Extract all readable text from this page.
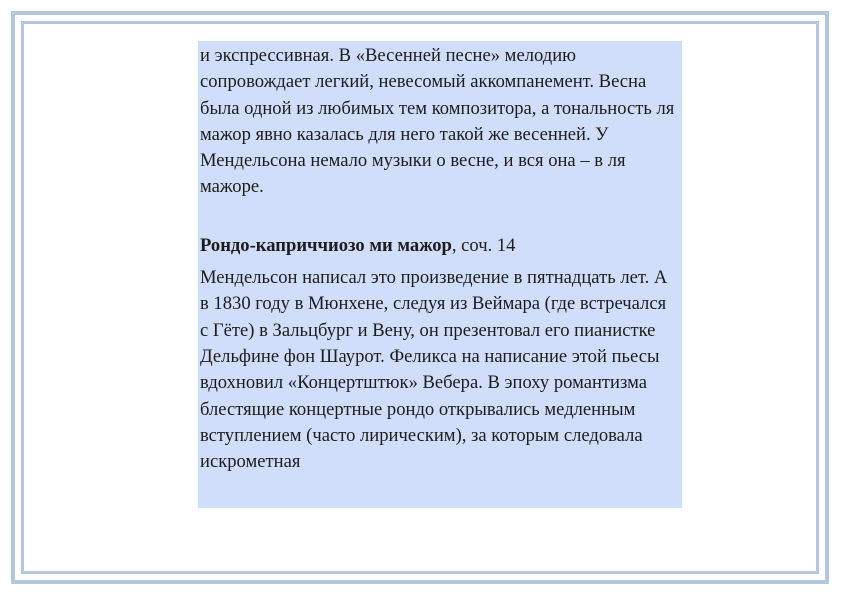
и экспрессивная. В «Весенней песне» мелодию сопровождает легкий, невесомый аккомпанемент. Весна была одной из любимых тем композитора, а тональность ля мажор явно казалась для него такой же весенней. У Мендельсона немало музыки о весне, и вся она – в ля мажоре.

Рондо-каприччиозо ми мажор, соч. 14

Мендельсон написал это произведение в пятнадцать лет. А в 1830 году в Мюнхене, следуя из Веймара (где встречался с Гёте) в Зальцбург и Вену, он презентовал его пианистке Дельфине фон Шаурот. Феликса на написание этой пьесы вдохновил «Концертштюк» Вебера. В эпоху романтизма блестящие концертные рондо открывались медленным вступлением (часто лирическим), за которым следовала искрометная
